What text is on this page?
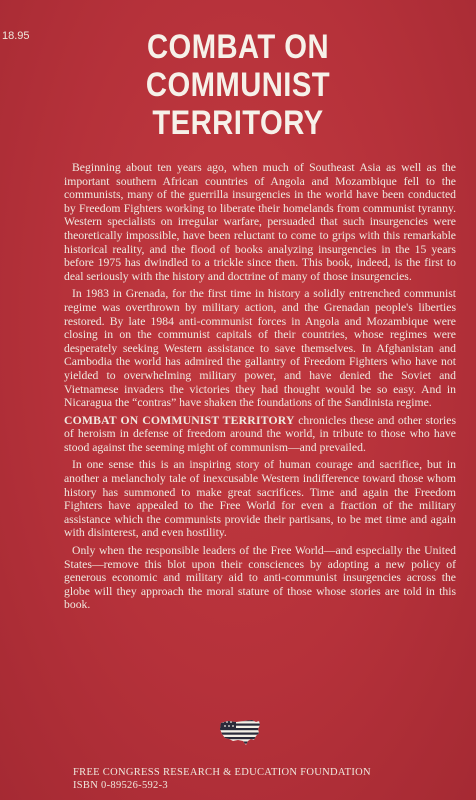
18.95	COMBAT ON
COMMUNIST
TERRITORY

Beginning about ten years ago, when much of Southeast Asia as well as the important southern African countries of Angola and Mozambique fell to the communists, many of the guerrilla insurgencies in the world have been conducted by Freedom Fighters working to liberate their homelands from communist tyranny. Western specialists on irregular warfare, persuaded that such insurgencies were theoretically impossible, have been reluctant to come to grips with this remarkable historical reality, and the flood of books analyzing insurgencies in the 15 years before 1975 has dwindled to a trickle since then. This book, indeed, is the first to deal seriously with the history and doctrine of many of those insurgencies.

In 1983 in Grenada, for the first time in history a solidly entrenched communist regime was overthrown by military action, and the Grenadan people's liberties restored. By late 1984 anti-communist forces in Angola and Mozambique were closing in on the communist capitals of their countries, whose regimes were desperately seeking Western assistance to save themselves. In Afghanistan and Cambodia the world has admired the gallantry of Freedom Fighters who have not yielded to overwhelming military power, and have denied the Soviet and Vietnamese invaders the victories they had thought would be so easy. And in Nicaragua the “contras” have shaken the foundations of the Sandinista regime.

COMBAT ON COMMUNIST TERRITORY chronicles these and other stories of heroism in defense of freedom around the world, in tribute to those who have stood against the seeming might of communism—and prevailed.

In one sense this is an inspiring story of human courage and sacrifice, but in another a melancholy tale of inexcusable Western indifference toward those whom history has summoned to make great sacrifices. Time and again the Freedom Fighters have appealed to the Free World for even a fraction of the military assistance which the communists provide their partisans, to be met time and again with disinterest, and even hostility.

Only when the responsible leaders of the Free World—and especially the United States—remove this blot upon their consciences by adopting a new policy of generous economic and military aid to anti-communist insurgencies across the globe will they approach the moral stature of those whose stories are told in this book.

FREE CONGRESS RESEARCH & EDUCATION FOUNDATION
ISBN 0-89526-592-3
